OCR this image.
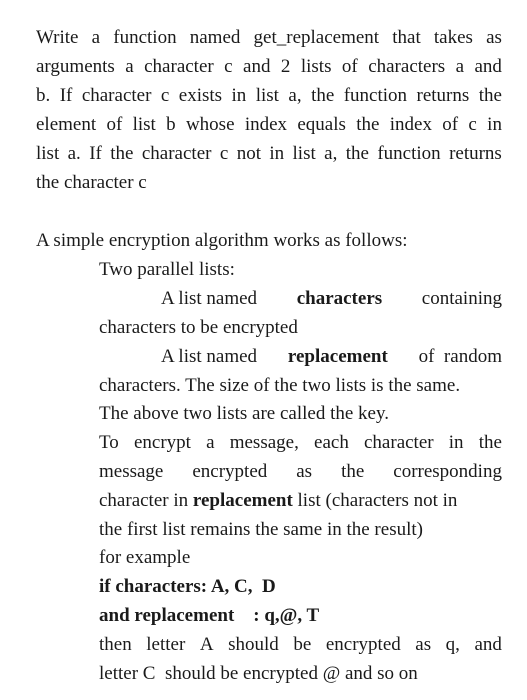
Write a function named get_replacement that takes as
arguments a character c and 2 lists of characters a and
b. If character c exists in list a, the function returns the
element of list b whose index equals the index of c in
list a. If the character c not in list a, the function returns
the character c
A simple encryption algorithm works as follows:
Two parallel lists:
A list named characters containing
characters to be encrypted
A list named replacement of  random
characters. The size of the two lists is the same.
The above two lists are called the key.
To encrypt a message, each character in the
message encrypted as the corresponding
character in replacement list (characters not in
the first list remains the same in the result)
for example
if characters: A, C,  D
and replacement    : q,@, T
then letter A should be encrypted as q, and
letter C  should be encrypted @ and so on
